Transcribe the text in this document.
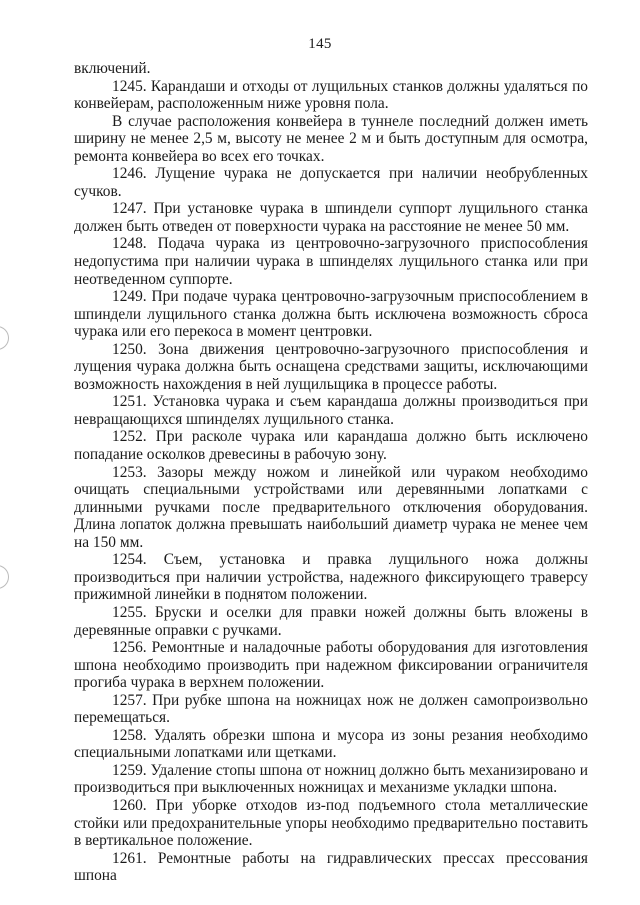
145

включений.

1245. Карандаши и отходы от лущильных станков должны удаляться по конвейерам, расположенным ниже уровня пола.

В случае расположения конвейера в туннеле последний должен иметь ширину не менее 2,5 м, высоту не менее 2 м и быть доступным для осмотра, ремонта конвейера во всех его точках.

1246. Лущение чурака не допускается при наличии необрубленных сучков.

1247. При установке чурака в шпиндели суппорт лущильного станка должен быть отведен от поверхности чурака на расстояние не менее 50 мм.

1248. Подача чурака из центровочно-загрузочного приспособления недопустима при наличии чурака в шпинделях лущильного станка или при неотведенном суппорте.

1249. При подаче чурака центровочно-загрузочным приспособлением в шпиндели лущильного станка должна быть исключена возможность сброса чурака или его перекоса в момент центровки.

1250. Зона движения центровочно-загрузочного приспособления и лущения чурака должна быть оснащена средствами защиты, исключающими возможность нахождения в ней лущильщика в процессе работы.

1251. Установка чурака и съем карандаша должны производиться при невращающихся шпинделях лущильного станка.

1252. При расколе чурака или карандаша должно быть исключено попадание осколков древесины в рабочую зону.

1253. Зазоры между ножом и линейкой или чураком необходимо очищать специальными устройствами или деревянными лопатками с длинными ручками после предварительного отключения оборудования. Длина лопаток должна превышать наибольший диаметр чурака не менее чем на 150 мм.

1254. Съем, установка и правка лущильного ножа должны производиться при наличии устройства, надежного фиксирующего траверсу прижимной линейки в поднятом положении.

1255. Бруски и оселки для правки ножей должны быть вложены в деревянные оправки с ручками.

1256. Ремонтные и наладочные работы оборудования для изготовления шпона необходимо производить при надежном фиксировании ограничителя прогиба чурака в верхнем положении.

1257. При рубке шпона на ножницах нож не должен самопроизвольно перемещаться.

1258. Удалять обрезки шпона и мусора из зоны резания необходимо специальными лопатками или щетками.

1259. Удаление стопы шпона от ножниц должно быть механизировано и производиться при выключенных ножницах и механизме укладки шпона.

1260. При уборке отходов из-под подъемного стола металлические стойки или предохранительные упоры необходимо предварительно поставить в вертикальное положение.

1261. Ремонтные работы на гидравлических прессах прессования шпона
